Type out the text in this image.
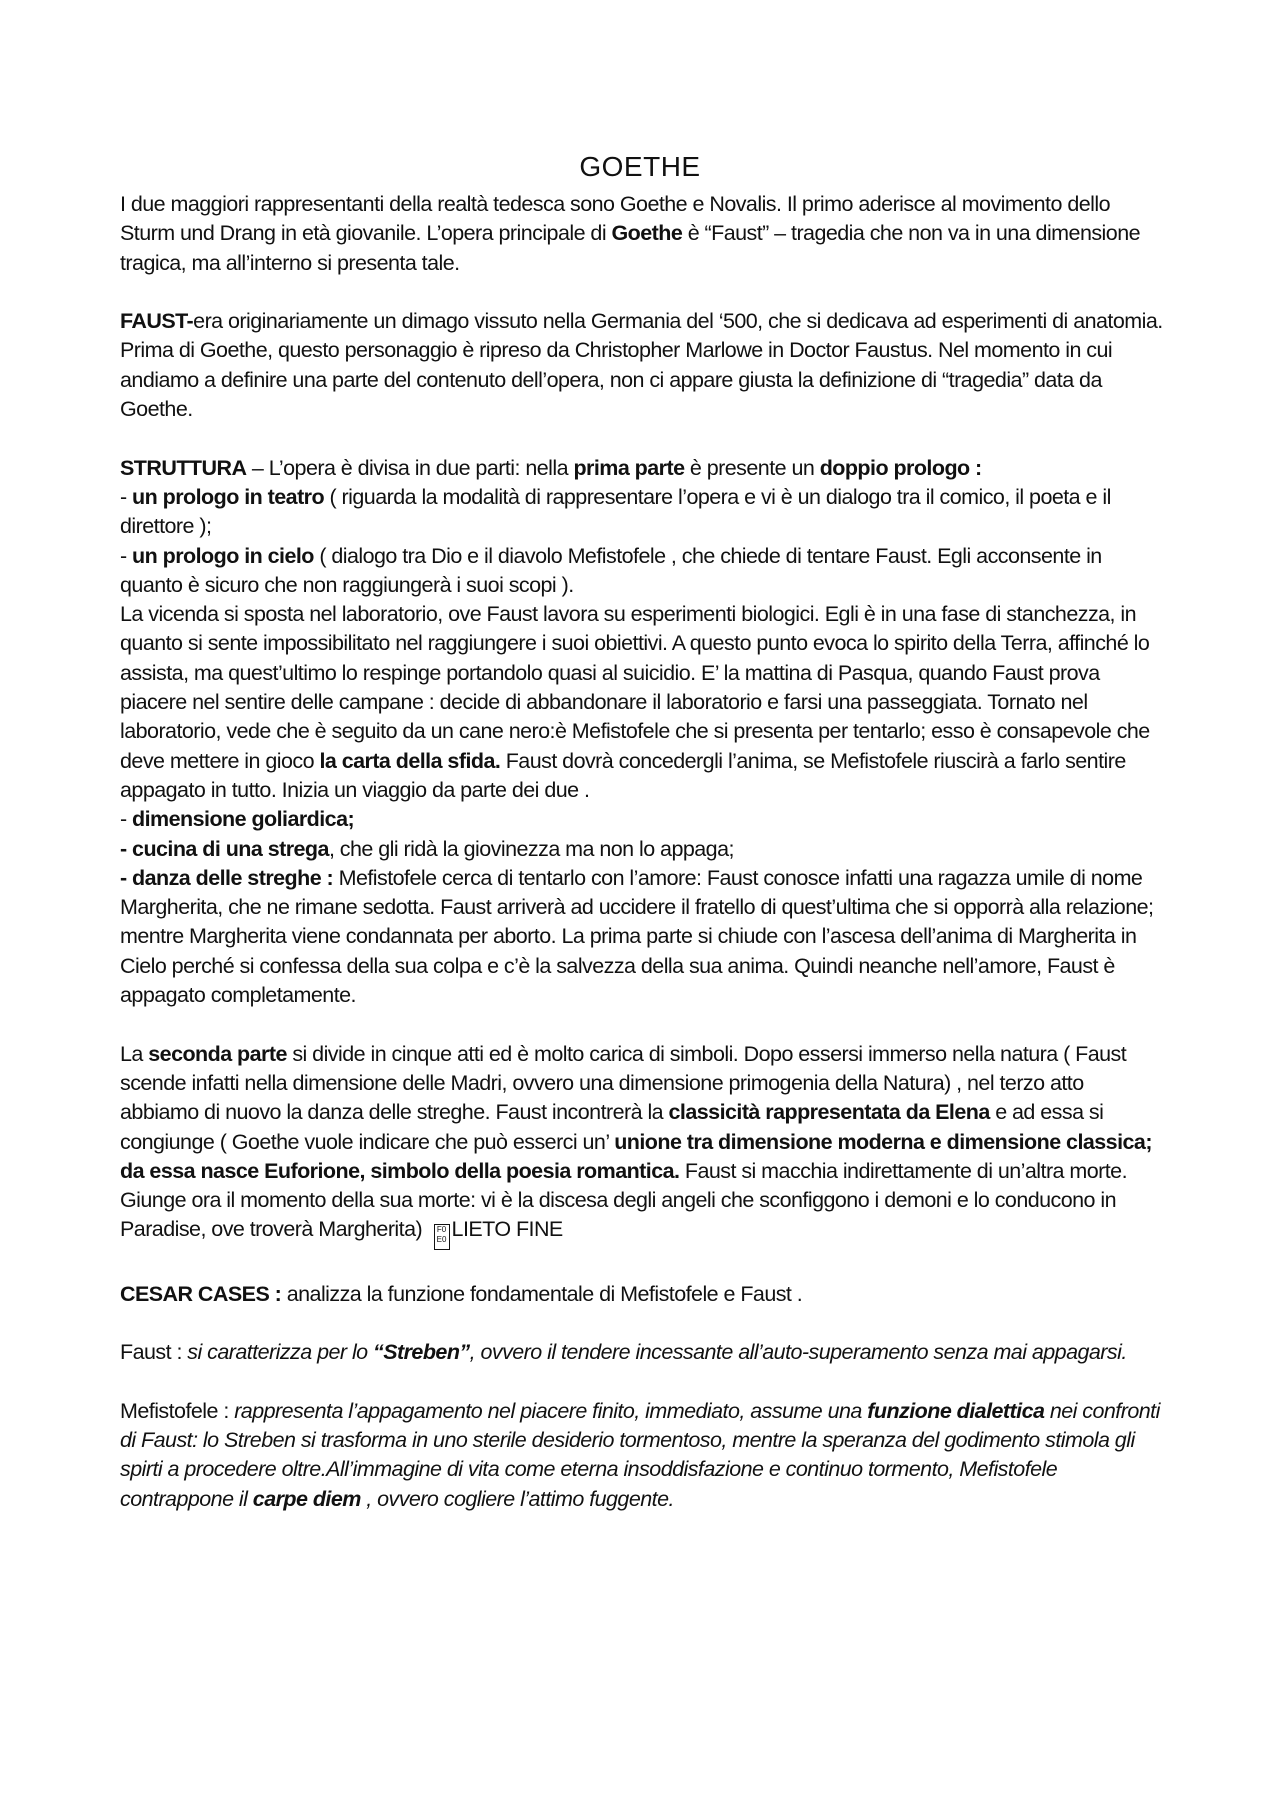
GOETHE

I due maggiori rappresentanti della realtà tedesca sono Goethe e Novalis. Il primo aderisce al movimento dello Sturm und Drang in età giovanile. L’opera principale di Goethe è “Faust” – tragedia che non va in una dimensione tragica, ma all’interno si presenta tale.

FAUST-era originariamente un dimago vissuto nella Germania del ‘500, che si dedicava ad esperimenti di anatomia. Prima di Goethe, questo personaggio è ripreso da Christopher Marlowe in Doctor Faustus. Nel momento in cui andiamo a definire una parte del contenuto dell’opera, non ci appare giusta la definizione di “tragedia” data da Goethe.

STRUTTURA – L’opera è divisa in due parti: nella prima parte è presente un doppio prologo :

- un prologo in teatro ( riguarda la modalità di rappresentare l’opera e vi è un dialogo tra il comico, il poeta e il direttore );

- un prologo in cielo ( dialogo tra Dio e il diavolo Mefistofele , che chiede di tentare Faust. Egli acconsente in quanto è sicuro che non raggiungerà i suoi scopi ).

La vicenda si sposta nel laboratorio, ove Faust lavora su esperimenti biologici. Egli è in una fase di stanchezza, in quanto si sente impossibilitato nel raggiungere i suoi obiettivi. A questo punto evoca lo spirito della Terra, affinché lo assista, ma quest’ultimo lo respinge portandolo quasi al suicidio. E’ la mattina di Pasqua, quando Faust prova piacere nel sentire delle campane : decide di abbandonare il laboratorio e farsi una passeggiata. Tornato nel laboratorio, vede che è seguito da un cane nero:è Mefistofele che si presenta per tentarlo; esso è consapevole che deve mettere in gioco la carta della sfida. Faust dovrà concedergli l’anima, se Mefistofele riuscirà a farlo sentire appagato in tutto. Inizia un viaggio da parte dei due .

- dimensione goliardica;

- cucina di una strega, che gli ridà la giovinezza ma non lo appaga;

- danza delle streghe : Mefistofele cerca di tentarlo con l’amore: Faust conosce infatti una ragazza umile di nome Margherita, che ne rimane sedotta. Faust arriverà ad uccidere il fratello di quest’ultima che si opporrà alla relazione; mentre Margherita viene condannata per aborto. La prima parte si chiude con l’ascesa dell’anima di Margherita in Cielo perché si confessa della sua colpa e c’è la salvezza della sua anima. Quindi neanche nell’amore, Faust è appagato completamente.

La seconda parte si divide in cinque atti ed è molto carica di simboli. Dopo essersi immerso nella natura ( Faust scende infatti nella dimensione delle Madri, ovvero una dimensione primogenia della Natura) , nel terzo atto abbiamo di nuovo la danza delle streghe. Faust incontrerà la classicità rappresentata da Elena e ad essa si congiunge ( Goethe vuole indicare che può esserci un’ unione tra dimensione moderna e dimensione classica; da essa nasce Euforione, simbolo della poesia romantica. Faust si macchia indirettamente di un’altra morte. Giunge ora il momento della sua morte: vi è la discesa degli angeli che sconfiggono i demoni e lo conducono in Paradise, ove troverà Margherita) F0
E0 LIETO FINE

CESAR CASES : analizza la funzione fondamentale di Mefistofele e Faust .

Faust : si caratterizza per lo “Streben”, ovvero il tendere incessante all’auto-superamento senza mai appagarsi.

Mefistofele : rappresenta l’appagamento nel piacere finito, immediato, assume una funzione dialettica nei confronti di Faust: lo Streben si trasforma in uno sterile desiderio tormentoso, mentre la speranza del godimento stimola gli spirti a procedere oltre.All’immagine di vita come eterna insoddisfazione e continuo tormento, Mefistofele contrappone il carpe diem , ovvero cogliere l’attimo fuggente.
